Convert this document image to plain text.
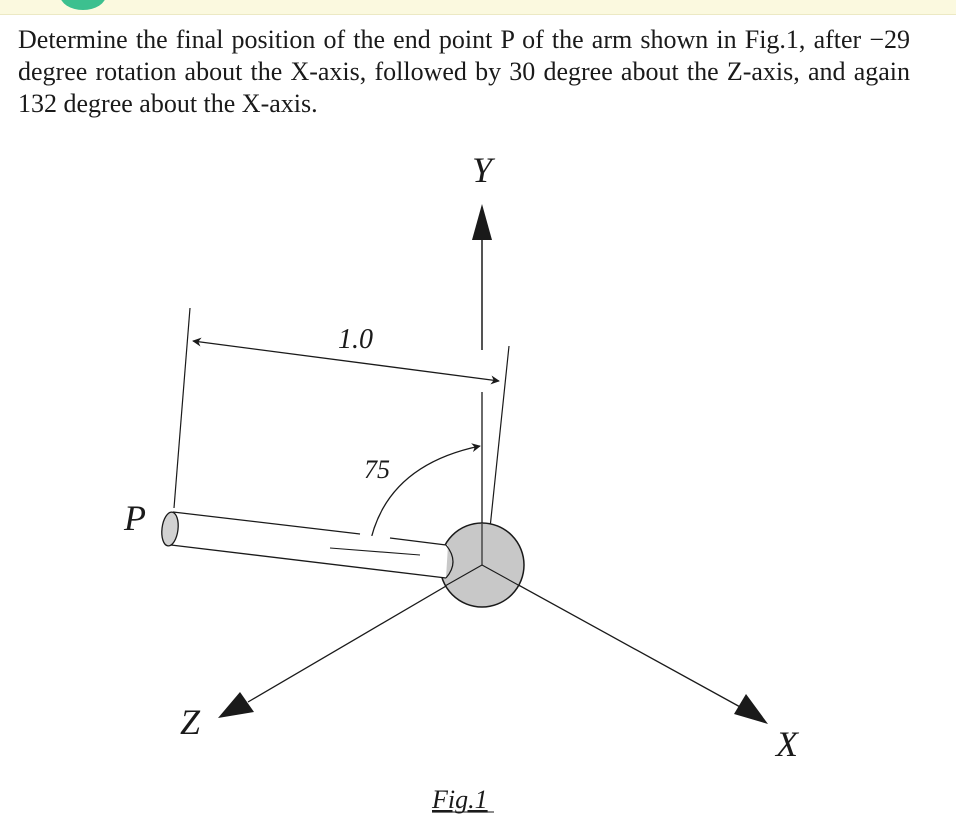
Determine the final position of the end point P of the arm shown in Fig.1, after −29 degree rotation about the X-axis, followed by 30 degree about the Z-axis, and again 132 degree about the X-axis.

Y
1.0
75
Z
X
P
Fig.1
